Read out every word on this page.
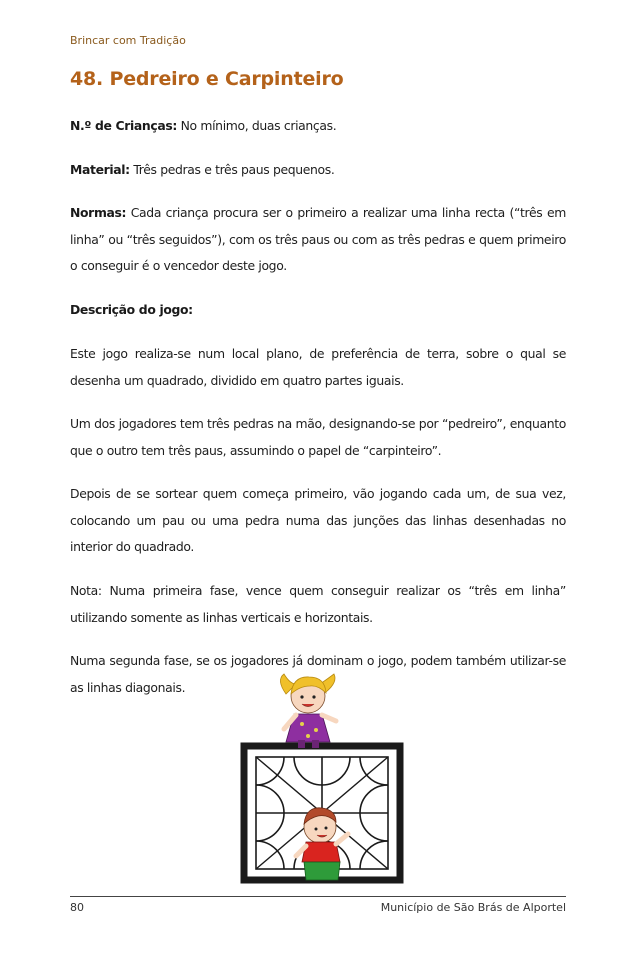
Brincar com Tradição
48. Pedreiro e Carpinteiro
N.º de Crianças: No mínimo, duas crianças.
Material: Três pedras e três paus pequenos.
Normas: Cada criança procura ser o primeiro a realizar uma linha recta (“três em linha” ou “três seguidos”), com os três paus ou com as três pedras e quem primeiro o conseguir é o vencedor deste jogo.
Descrição do jogo:
Este jogo realiza-se num local plano, de preferência de terra, sobre o qual se desenha um quadrado, dividido em quatro partes iguais.
Um dos jogadores tem três pedras na mão, designando-se por “pedreiro”, enquanto que o outro tem três paus, assumindo o papel de “carpinteiro”.
Depois de se sortear quem começa primeiro, vão jogando cada um, de sua vez, colocando um pau ou uma pedra numa das junções das linhas desenhadas no interior do quadrado.
Nota: Numa primeira fase, vence quem conseguir realizar os “três em linha” utilizando somente as linhas verticais e horizontais.
Numa segunda fase, se os jogadores já dominam o jogo, podem também utilizar-se as linhas diagonais.
80	Município de São Brás de Alportel
